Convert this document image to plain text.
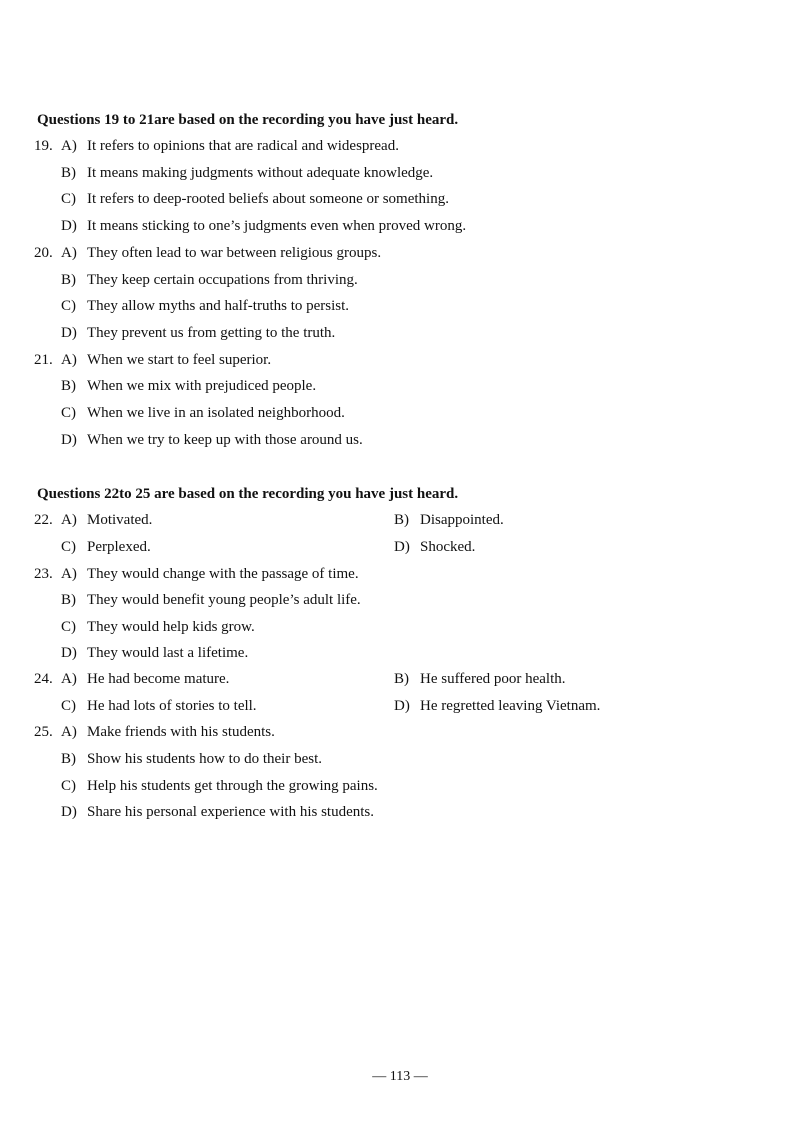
Questions 19 to 21are based on the recording you have just heard.
19. A) It refers to opinions that are radical and widespread.
B) It means making judgments without adequate knowledge.
C) It refers to deep-rooted beliefs about someone or something.
D) It means sticking to one’s judgments even when proved wrong.
20. A) They often lead to war between religious groups.
B) They keep certain occupations from thriving.
C) They allow myths and half-truths to persist.
D) They prevent us from getting to the truth.
21. A) When we start to feel superior.
B) When we mix with prejudiced people.
C) When we live in an isolated neighborhood.
D) When we try to keep up with those around us.
Questions 22to 25 are based on the recording you have just heard.
22. A) Motivated.	B) Disappointed.
C) Perplexed.	D) Shocked.
23. A) They would change with the passage of time.
B) They would benefit young people’s adult life.
C) They would help kids grow.
D) They would last a lifetime.
24. A) He had become mature.	B) He suffered poor health.
C) He had lots of stories to tell.	D) He regretted leaving Vietnam.
25. A) Make friends with his students.
B) Show his students how to do their best.
C) Help his students get through the growing pains.
D) Share his personal experience with his students.
— 113 —
